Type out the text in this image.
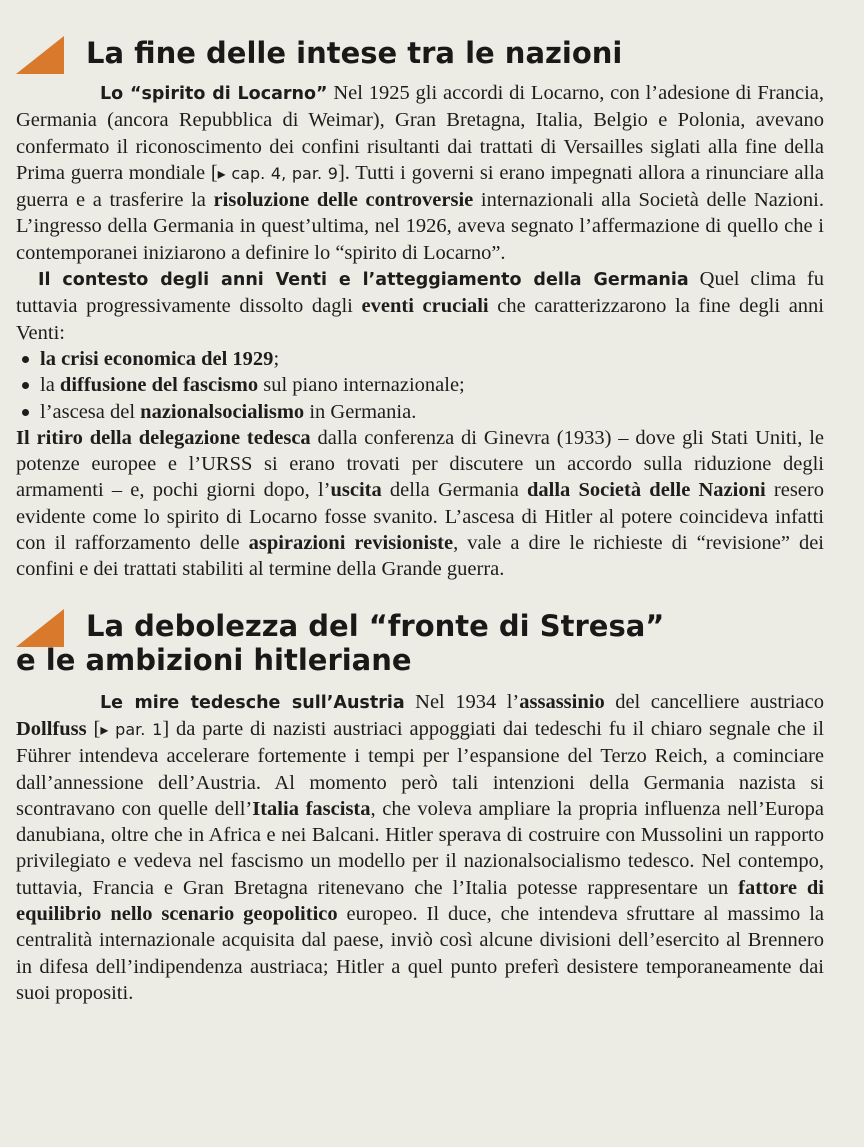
La fine delle intese tra le nazioni

Lo “spirito di Locarno” Nel 1925 gli accordi di Locarno, con l’adesione di Francia, Germania (ancora Repubblica di Weimar), Gran Bretagna, Italia, Belgio e Polonia, avevano confermato il riconoscimento dei confini risultanti dai trattati di Versailles siglati alla fine della Prima guerra mondiale [▸ cap. 4, par. 9]. Tutti i governi si erano impegnati allora a rinunciare alla guerra e a trasferire la risoluzione delle controversie internazionali alla Società delle Nazioni. L’ingresso della Germania in quest’ultima, nel 1926, aveva segnato l’affermazione di quello che i contemporanei iniziarono a definire lo “spirito di Locarno”.

Il contesto degli anni Venti e l’atteggiamento della Germania Quel clima fu tuttavia progressivamente dissolto dagli eventi cruciali che caratterizzarono la fine degli anni Venti:

la crisi economica del 1929;
la diffusione del fascismo sul piano internazionale;
l’ascesa del nazionalsocialismo in Germania.

Il ritiro della delegazione tedesca dalla conferenza di Ginevra (1933) – dove gli Stati Uniti, le potenze europee e l’URSS si erano trovati per discutere un accordo sulla riduzione degli armamenti – e, pochi giorni dopo, l’uscita della Germania dalla Società delle Nazioni resero evidente come lo spirito di Locarno fosse svanito. L’ascesa di Hitler al potere coincideva infatti con il rafforzamento delle aspirazioni revisioniste, vale a dire le richieste di “revisione” dei confini e dei trattati stabiliti al termine della Grande guerra.

La debolezza del “fronte di Stresa”
e le ambizioni hitleriane

Le mire tedesche sull’Austria Nel 1934 l’assassinio del cancelliere austriaco Dollfuss [▸ par. 1] da parte di nazisti austriaci appoggiati dai tedeschi fu il chiaro segnale che il Führer intendeva accelerare fortemente i tempi per l’espansione del Terzo Reich, a cominciare dall’annessione dell’Austria. Al momento però tali intenzioni della Germania nazista si scontravano con quelle dell’Italia fascista, che voleva ampliare la propria influenza nell’Europa danubiana, oltre che in Africa e nei Balcani. Hitler sperava di costruire con Mussolini un rapporto privilegiato e vedeva nel fascismo un modello per il nazionalsocialismo tedesco. Nel contempo, tuttavia, Francia e Gran Bretagna ritenevano che l’Italia potesse rappresentare un fattore di equilibrio nello scenario geopolitico europeo. Il duce, che intendeva sfruttare al massimo la centralità internazionale acquisita dal paese, inviò così alcune divisioni dell’esercito al Brennero in difesa dell’indipendenza austriaca; Hitler a quel punto preferì desistere temporaneamente dai suoi propositi.
